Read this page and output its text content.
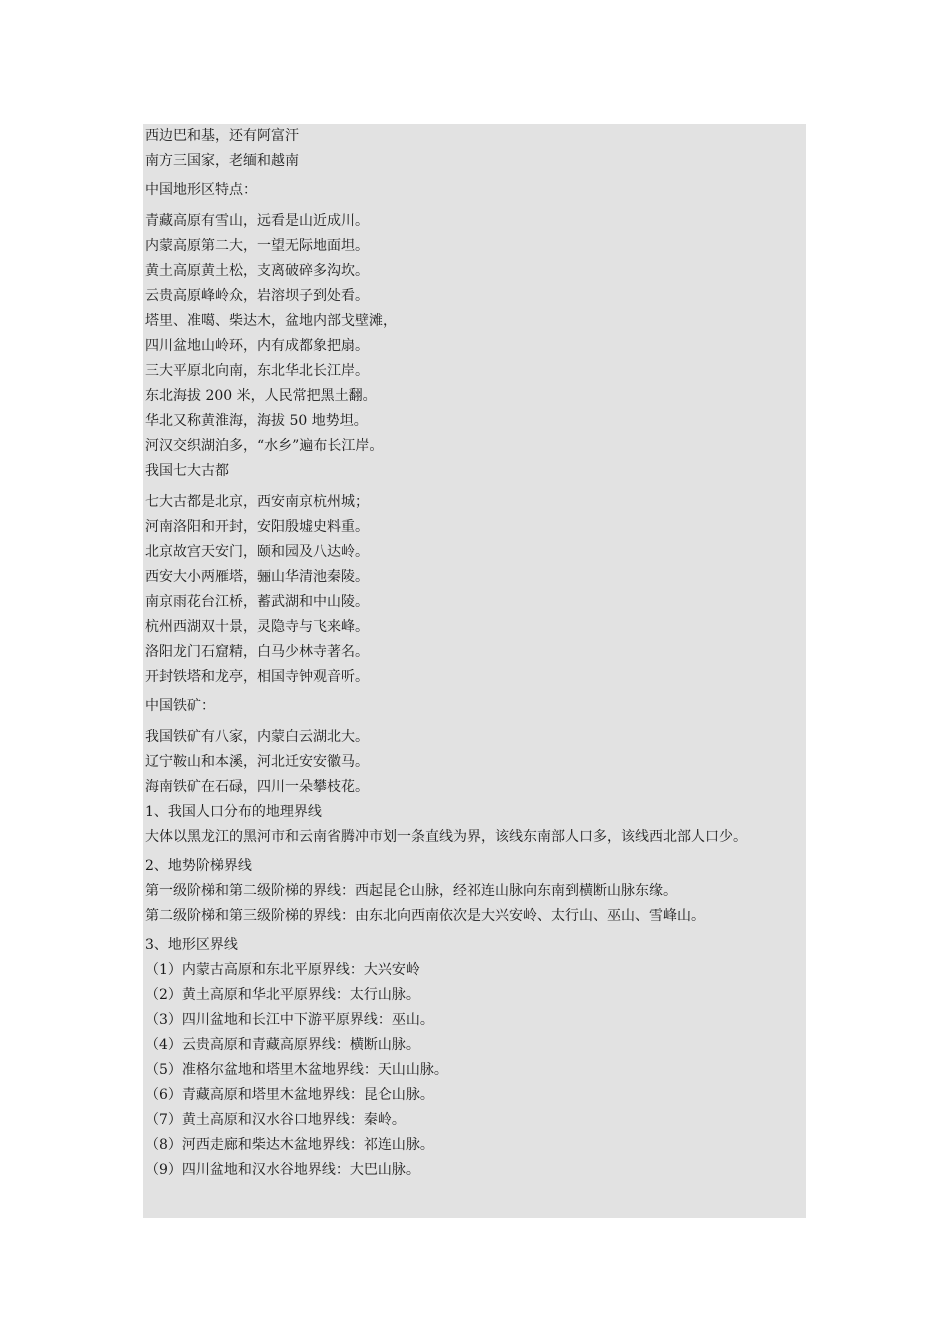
西边巴和基，还有阿富汗
南方三国家，老缅和越南
中国地形区特点：
青藏高原有雪山，远看是山近成川。
内蒙高原第二大，一望无际地面坦。
黄土高原黄土松，支离破碎多沟坎。
云贵高原峰岭众，岩溶坝子到处看。
塔里、准噶、柴达木，盆地内部戈壁滩，
四川盆地山岭环，内有成都象把扇。
三大平原北向南，东北华北长江岸。
东北海拔 200 米，人民常把黑土翻。
华北又称黄淮海，海拔 50 地势坦。
河汉交织湖泊多，“水乡”遍布长江岸。
我国七大古都
七大古都是北京，西安南京杭州城；
河南洛阳和开封，安阳殷墟史料重。
北京故宫天安门，颐和园及八达岭。
西安大小两雁塔，骊山华清池秦陵。
南京雨花台江桥，蓄武湖和中山陵。
杭州西湖双十景，灵隐寺与飞来峰。
洛阳龙门石窟精，白马少林寺著名。
开封铁塔和龙亭，相国寺钟观音听。
中国铁矿：
我国铁矿有八家，内蒙白云湖北大。
辽宁鞍山和本溪，河北迁安安徽马。
海南铁矿在石碌，四川一朵攀枝花。
1、我国人口分布的地理界线
大体以黑龙江的黑河市和云南省腾冲市划一条直线为界，该线东南部人口多，该线西北部人口少。
2、地势阶梯界线
第一级阶梯和第二级阶梯的界线：西起昆仑山脉，经祁连山脉向东南到横断山脉东缘。
第二级阶梯和第三级阶梯的界线：由东北向西南依次是大兴安岭、太行山、巫山、雪峰山。
3、地形区界线
（1）内蒙古高原和东北平原界线：大兴安岭
（2）黄土高原和华北平原界线：太行山脉。
（3）四川盆地和长江中下游平原界线：巫山。
（4）云贵高原和青藏高原界线：横断山脉。
（5）准格尔盆地和塔里木盆地界线：天山山脉。
（6）青藏高原和塔里木盆地界线：昆仑山脉。
（7）黄土高原和汉水谷口地界线：秦岭。
（8）河西走廊和柴达木盆地界线：祁连山脉。
（9）四川盆地和汉水谷地界线：大巴山脉。
